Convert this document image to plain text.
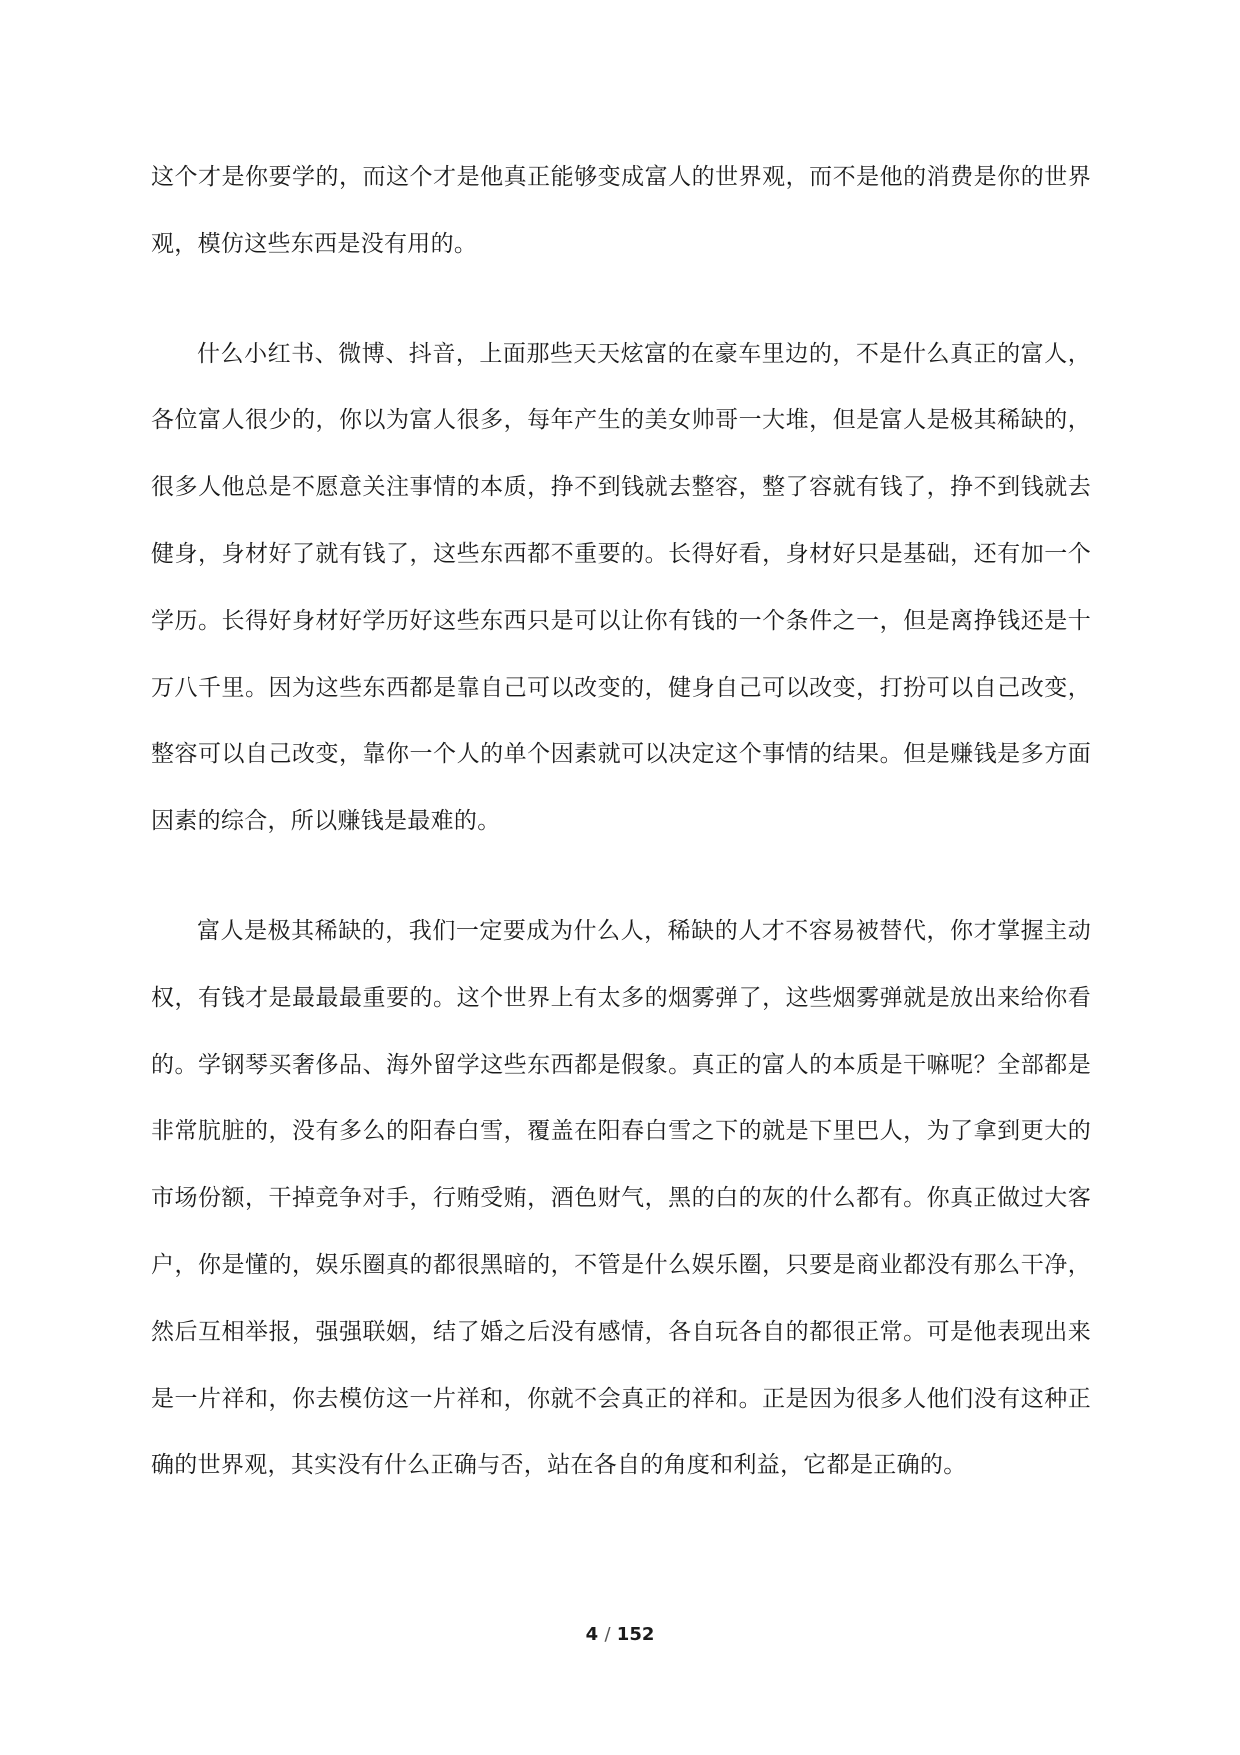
这个才是你要学的，而这个才是他真正能够变成富人的世界观，而不是他的消费是你的世界观，模仿这些东西是没有用的。

什么小红书、微博、抖音，上面那些天天炫富的在豪车里边的，不是什么真正的富人，各位富人很少的，你以为富人很多，每年产生的美女帅哥一大堆，但是富人是极其稀缺的，很多人他总是不愿意关注事情的本质，挣不到钱就去整容，整了容就有钱了，挣不到钱就去健身，身材好了就有钱了，这些东西都不重要的。长得好看，身材好只是基础，还有加一个学历。长得好身材好学历好这些东西只是可以让你有钱的一个条件之一，但是离挣钱还是十万八千里。因为这些东西都是靠自己可以改变的，健身自己可以改变，打扮可以自己改变，整容可以自己改变，靠你一个人的单个因素就可以决定这个事情的结果。但是赚钱是多方面因素的综合，所以赚钱是最难的。

富人是极其稀缺的，我们一定要成为什么人，稀缺的人才不容易被替代，你才掌握主动权，有钱才是最最最重要的。这个世界上有太多的烟雾弹了，这些烟雾弹就是放出来给你看的。学钢琴买奢侈品、海外留学这些东西都是假象。真正的富人的本质是干嘛呢？全部都是非常肮脏的，没有多么的阳春白雪，覆盖在阳春白雪之下的就是下里巴人，为了拿到更大的市场份额，干掉竞争对手，行贿受贿，酒色财气，黑的白的灰的什么都有。你真正做过大客户，你是懂的，娱乐圈真的都很黑暗的，不管是什么娱乐圈，只要是商业都没有那么干净，然后互相举报，强强联姻，结了婚之后没有感情，各自玩各自的都很正常。可是他表现出来是一片祥和，你去模仿这一片祥和，你就不会真正的祥和。正是因为很多人他们没有这种正确的世界观，其实没有什么正确与否，站在各自的角度和利益，它都是正确的。

4 / 152
